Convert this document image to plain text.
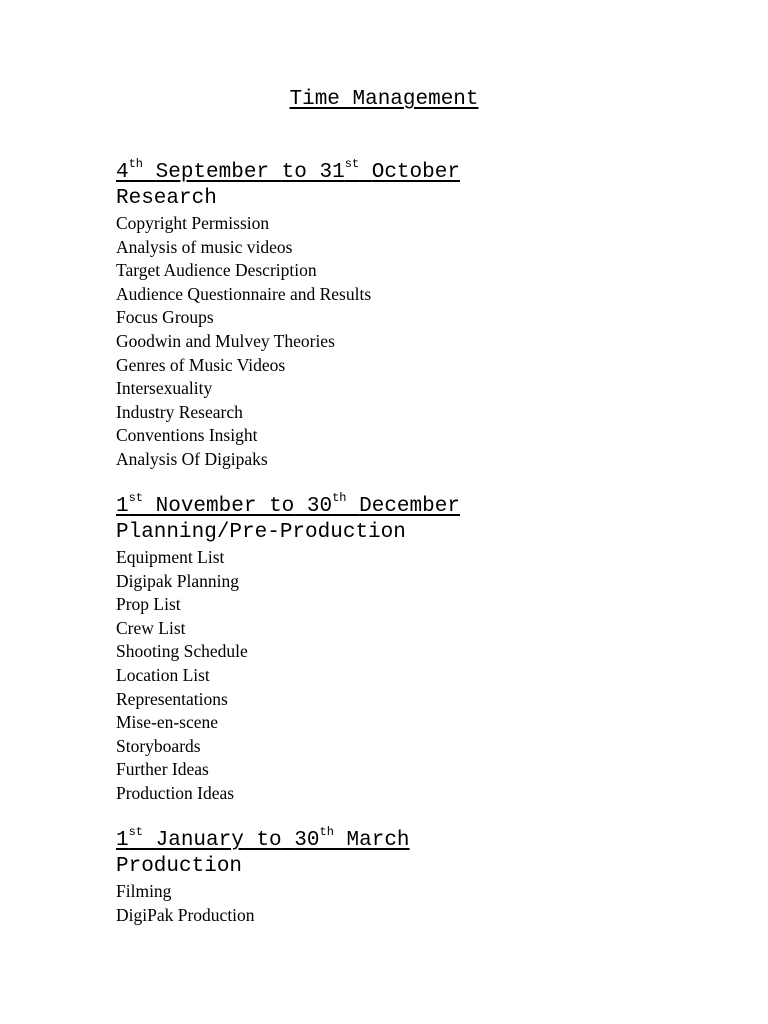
Time Management
4th September to 31st October
Research
Copyright Permission
Analysis of music videos
Target Audience Description
Audience Questionnaire and Results
Focus Groups
Goodwin and Mulvey Theories
Genres of Music Videos
Intersexuality
Industry Research
Conventions Insight
Analysis Of Digipaks
1st November to 30th December
Planning/Pre-Production
Equipment List
Digipak Planning
Prop List
Crew List
Shooting Schedule
Location List
Representations
Mise-en-scene
Storyboards
Further Ideas
Production Ideas
1st January to 30th March
Production
Filming
DigiPak Production
